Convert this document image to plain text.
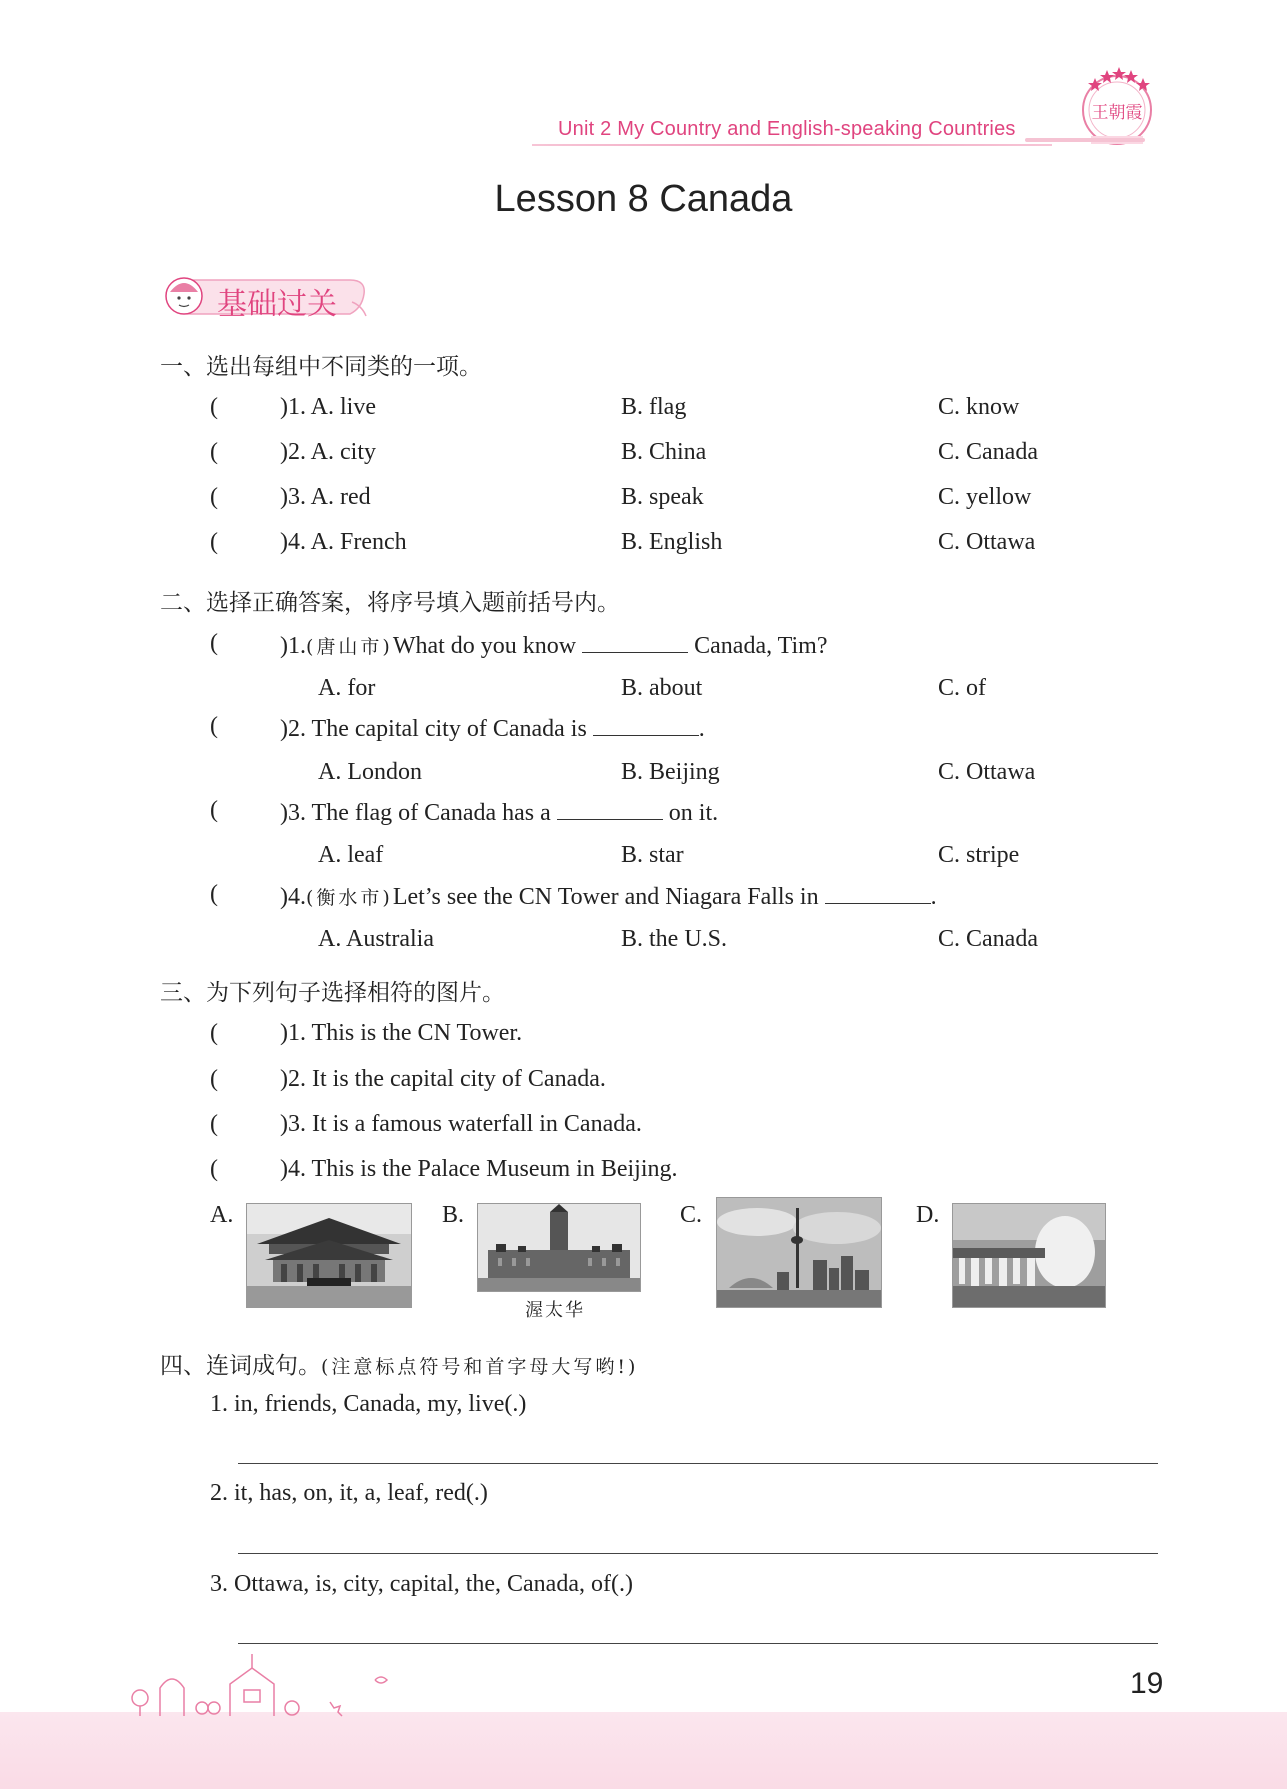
王朝霞
Unit 2 My Country and English-speaking Countries
Lesson 8 Canada
基础过关
一、选出每组中不同类的一项。
(	)1. A. live	B. flag	C. know
(	)2. A. city	B. China	C. Canada
(	)3. A. red	B. speak	C. yellow
(	)4. A. French	B. English	C. Ottawa
二、选择正确答案，将序号填入题前括号内。
(	)1.(唐山市)What do you know	Canada, Tim?
A. for	B. about	C. of
(	)2. The capital city of Canada is	.
A. London	B. Beijing	C. Ottawa
(	)3. The flag of Canada has a	on it.
A. leaf	B. star	C. stripe
(	)4.(衡水市)Let’s see the CN Tower and Niagara Falls in	.
A. Australia	B. the U.S.	C. Canada
三、为下列句子选择相符的图片。
(	)1. This is the CN Tower.
(	)2. It is the capital city of Canada.
(	)3. It is a famous waterfall in Canada.
(	)4. This is the Palace Museum in Beijing.
A.	B.
渥太华
C.	D.
四、连词成句。(注意标点符号和首字母大写哟!)
1. in, friends, Canada, my, live(.)
2. it, has, on, it, a, leaf, red(.)
3. Ottawa, is, city, capital, the, Canada, of(.)
19
